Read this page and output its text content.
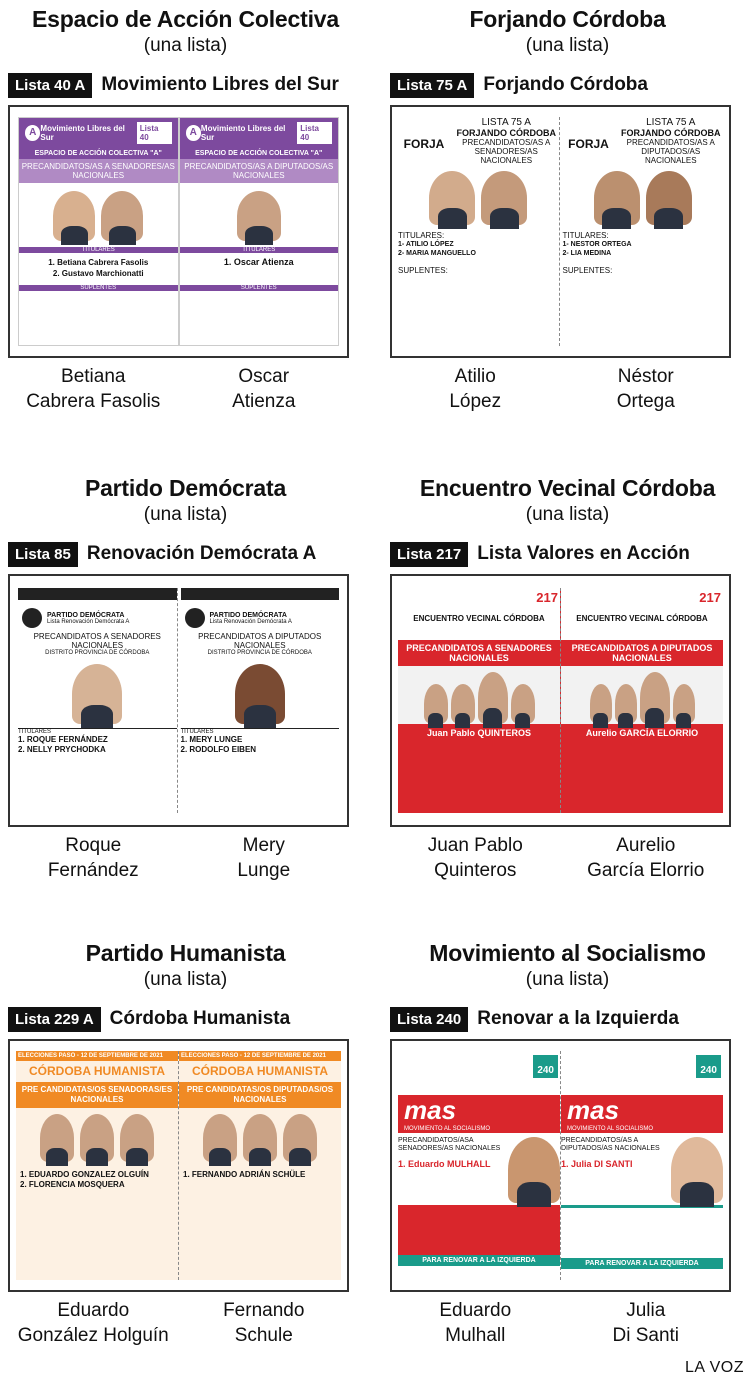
Espacio de Acción Colectiva
(una lista)
Lista 40 A Movimiento Libres del Sur
A Movimiento Libres del Sur
Lista 40
ESPACIO DE ACCIÓN COLECTIVA "A"
PRECANDIDATOS/AS A SENADORES/AS NACIONALES
TITULARES
1. Betiana Cabrera Fasolis
2. Gustavo Marchionatti
SUPLENTES
A Movimiento Libres del Sur
Lista 40
ESPACIO DE ACCIÓN COLECTIVA "A"
PRECANDIDATOS/AS A DIPUTADOS/AS NACIONALES
TITULARES
1. Oscar Atienza
SUPLENTES
Betiana
Cabrera Fasolis
Oscar
Atienza
Forjando Córdoba
(una lista)
Lista 75 A Forjando Córdoba
FORJA
LISTA 75 A
FORJANDO CÓRDOBA
PRECANDIDATOS/AS A SENADORES/AS NACIONALES
TITULARES:
1- ATILIO LÓPEZ
2- MARIA MANGUELLO
SUPLENTES:
FORJA
LISTA 75 A
FORJANDO CÓRDOBA
PRECANDIDATOS/AS A DIPUTADOS/AS NACIONALES
TITULARES:
1- NESTOR ORTEGA
2- LIA MEDINA
SUPLENTES:
Atilio
López
Néstor
Ortega
Partido Demócrata
(una lista)
Lista 85 Renovación Demócrata A
PARTIDO DEMÓCRATA
Lista Renovación Demócrata A
PRECANDIDATOS A SENADORES NACIONALES
DISTRITO PROVINCIA DE CÓRDOBA
TITULARES
1. ROQUE FERNÁNDEZ
2. NELLY PRYCHODKA
PARTIDO DEMÓCRATA
Lista Renovación Demócrata A
PRECANDIDATOS A DIPUTADOS NACIONALES
DISTRITO PROVINCIA DE CÓRDOBA
TITULARES
1. MERY LUNGE
2. RODOLFO EIBEN
Roque
Fernández
Mery
Lunge
Encuentro Vecinal Córdoba
(una lista)
Lista 217 Lista Valores en Acción
217
ENCUENTRO VECINAL CÓRDOBA
PRECANDIDATOS A SENADORES NACIONALES
Juan Pablo QUINTEROS
217
ENCUENTRO VECINAL CÓRDOBA
PRECANDIDATOS A DIPUTADOS NACIONALES
Aurelio GARCÍA ELORRIO
Juan Pablo
Quinteros
Aurelio
García Elorrio
Partido Humanista
(una lista)
Lista 229 A Córdoba Humanista
ELECCIONES PASO - 12 DE SEPTIEMBRE DE 2021
CÓRDOBA HUMANISTA
PRE CANDIDATAS/OS SENADORAS/ES NACIONALES
1. EDUARDO GONZALEZ OLGUÍN
2. FLORENCIA MOSQUERA
ELECCIONES PASO - 12 DE SEPTIEMBRE DE 2021
CÓRDOBA HUMANISTA
PRE CANDIDATAS/OS DIPUTADAS/OS NACIONALES
1. FERNANDO ADRIÁN SCHÜLE
Eduardo
González Holguín
Fernando
Schule
Movimiento al Socialismo
(una lista)
Lista 240 Renovar a la Izquierda
240
mas
MOVIMIENTO AL SOCIALISMO
PRECANDIDATOS/ASA SENADORES/AS NACIONALES
1. Eduardo MULHALL
PARA RENOVAR A LA IZQUIERDA
240
mas
MOVIMIENTO AL SOCIALISMO
PRECANDIDATOS/AS A DIPUTADOS/AS NACIONALES
1. Julia DI SANTI
PARA RENOVAR A LA IZQUIERDA
Eduardo
Mulhall
Julia
Di Santi
LA VOZ
